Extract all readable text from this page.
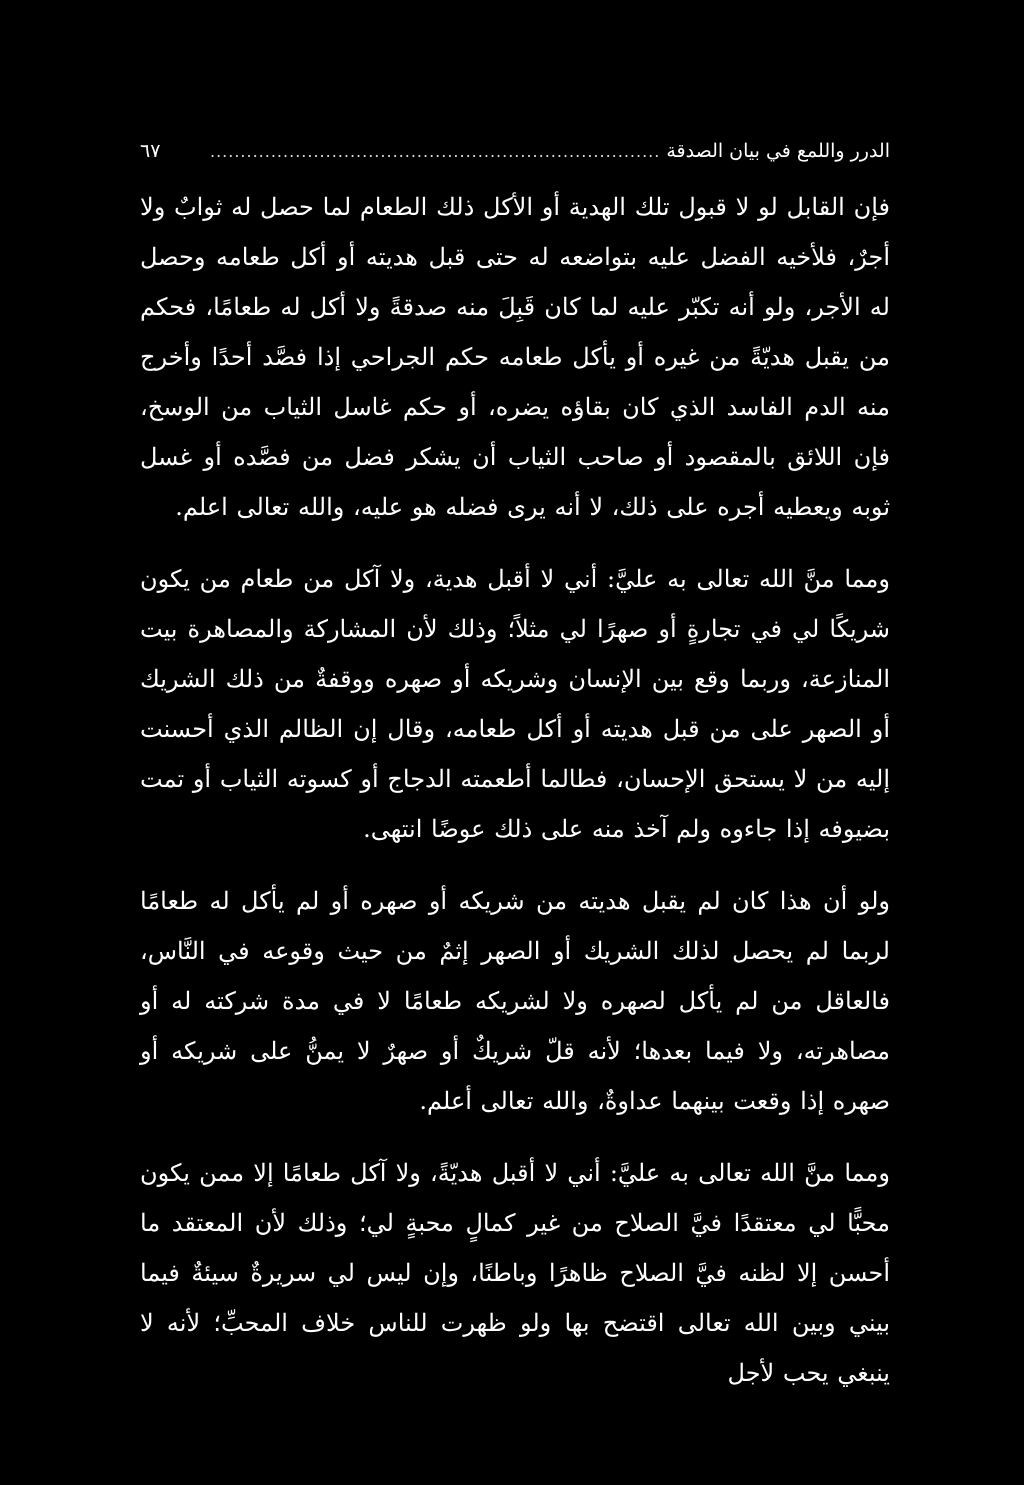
الدرر واللمع في بيان الصدقة
..........................................................................
٦٧

فإن القابل لو لا قبول تلك الهدية أو الأكل ذلك الطعام لما حصل له ثوابٌ ولا أجرٌ، فلأخيه الفضل عليه بتواضعه له حتى قبل هديته أو أكل طعامه وحصل له الأجر، ولو أنه تكبّر عليه لما كان قَبِلَ منه صدقةً ولا أكل له طعامًا، فحكم من يقبل هديّةً من غيره أو يأكل طعامه حكم الجراحي إذا فصَّد أحدًا وأخرج منه الدم الفاسد الذي كان بقاؤه يضره، أو حكم غاسل الثياب من الوسخ، فإن اللائق بالمقصود أو صاحب الثياب أن يشكر فضل من فصَّده أو غسل ثوبه ويعطيه أجره على ذلك، لا أنه يرى فضله هو عليه، والله تعالى اعلم.

ومما منَّ الله تعالى به عليَّ: أني لا أقبل هدية، ولا آكل من طعام من يكون شريكًا لي في تجارةٍ أو صهرًا لي مثلاً؛ وذلك لأن المشاركة والمصاهرة بيت المنازعة، وربما وقع بين الإنسان وشريكه أو صهره ووقفةٌ من ذلك الشريك أو الصهر على من قبل هديته أو أكل طعامه، وقال إن الظالم الذي أحسنت إليه من لا يستحق الإحسان، فطالما أطعمته الدجاج أو كسوته الثياب أو تمت بضيوفه إذا جاءوه ولم آخذ منه على ذلك عوضًا انتهى.

ولو أن هذا كان لم يقبل هديته من شريكه أو صهره أو لم يأكل له طعامًا لربما لم يحصل لذلك الشريك أو الصهر إثمٌ من حيث وقوعه في النَّاس، فالعاقل من لم يأكل لصهره ولا لشريكه طعامًا لا في مدة شركته له أو مصاهرته، ولا فيما بعدها؛ لأنه قلّ شريكٌ أو صهرٌ لا يمنُّ على شريكه أو صهره إذا وقعت بينهما عداوةٌ، والله تعالى أعلم.

ومما منَّ الله تعالى به عليَّ: أني لا أقبل هديّةً، ولا آكل طعامًا إلا ممن يكون محبًّا لي معتقدًا فيَّ الصلاح من غير كمالٍ محبةٍ لي؛ وذلك لأن المعتقد ما أحسن إلا لظنه فيَّ الصلاح ظاهرًا وباطنًا، وإن ليس لي سريرةٌ سيئةٌ فيما بيني وبين الله تعالى اقتضح بها ولو ظهرت للناس خلاف المحبِّ؛ لأنه لا ينبغي يحب لأجل
